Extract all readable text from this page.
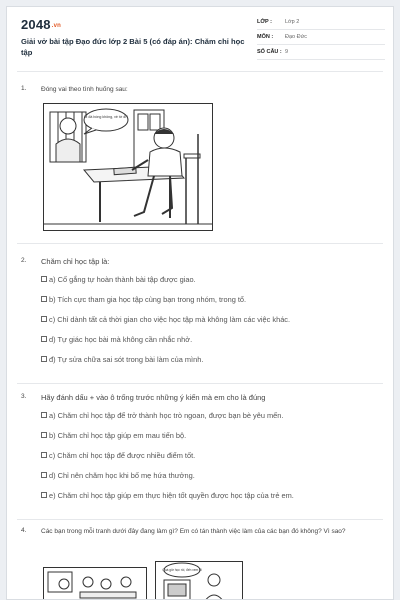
2048.vn
Giải vở bài tập Đạo đức lớp 2 Bài 5 (có đáp án): Chăm chỉ học tập
LỚP :	Lớp 2
MÔN :	Đạo Đức
SỐ CÂU : 9
1. Đóng vai theo tình huống sau:
Đi đá bóng không, về tớ đi !
2. Chăm chỉ học tập là:
a) Cố gắng tự hoàn thành bài tập được giao.
b) Tích cực tham gia học tập cùng bạn trong nhóm, trong tổ.
c) Chỉ dành tất cả thời gian cho việc học tập mà không làm các việc khác.
d) Tự giác học bài mà không cần nhắc nhở.
đ) Tự sửa chữa sai sót trong bài làm của mình.
3. Hãy đánh dấu + vào ô trống trước những ý kiến mà em cho là đúng
a) Chăm chỉ học tập để trở thành học trò ngoan, được bạn bè yêu mến.
b) Chăm chỉ học tập giúp em mau tiến bộ.
c) Chăm chỉ học tập để được nhiều điểm tốt.
d) Chỉ nên chăm học khi bố mẹ hứa thưởng.
e) Chăm chỉ học tập giúp em thực hiện tốt quyền được học tập của trẻ em.
4. Các bạn trong mỗi tranh dưới đây đang làm gì? Em có tán thành việc làm của các bạn đó không? Vì sao?
Quá giờ học rồi, đến xem đi
